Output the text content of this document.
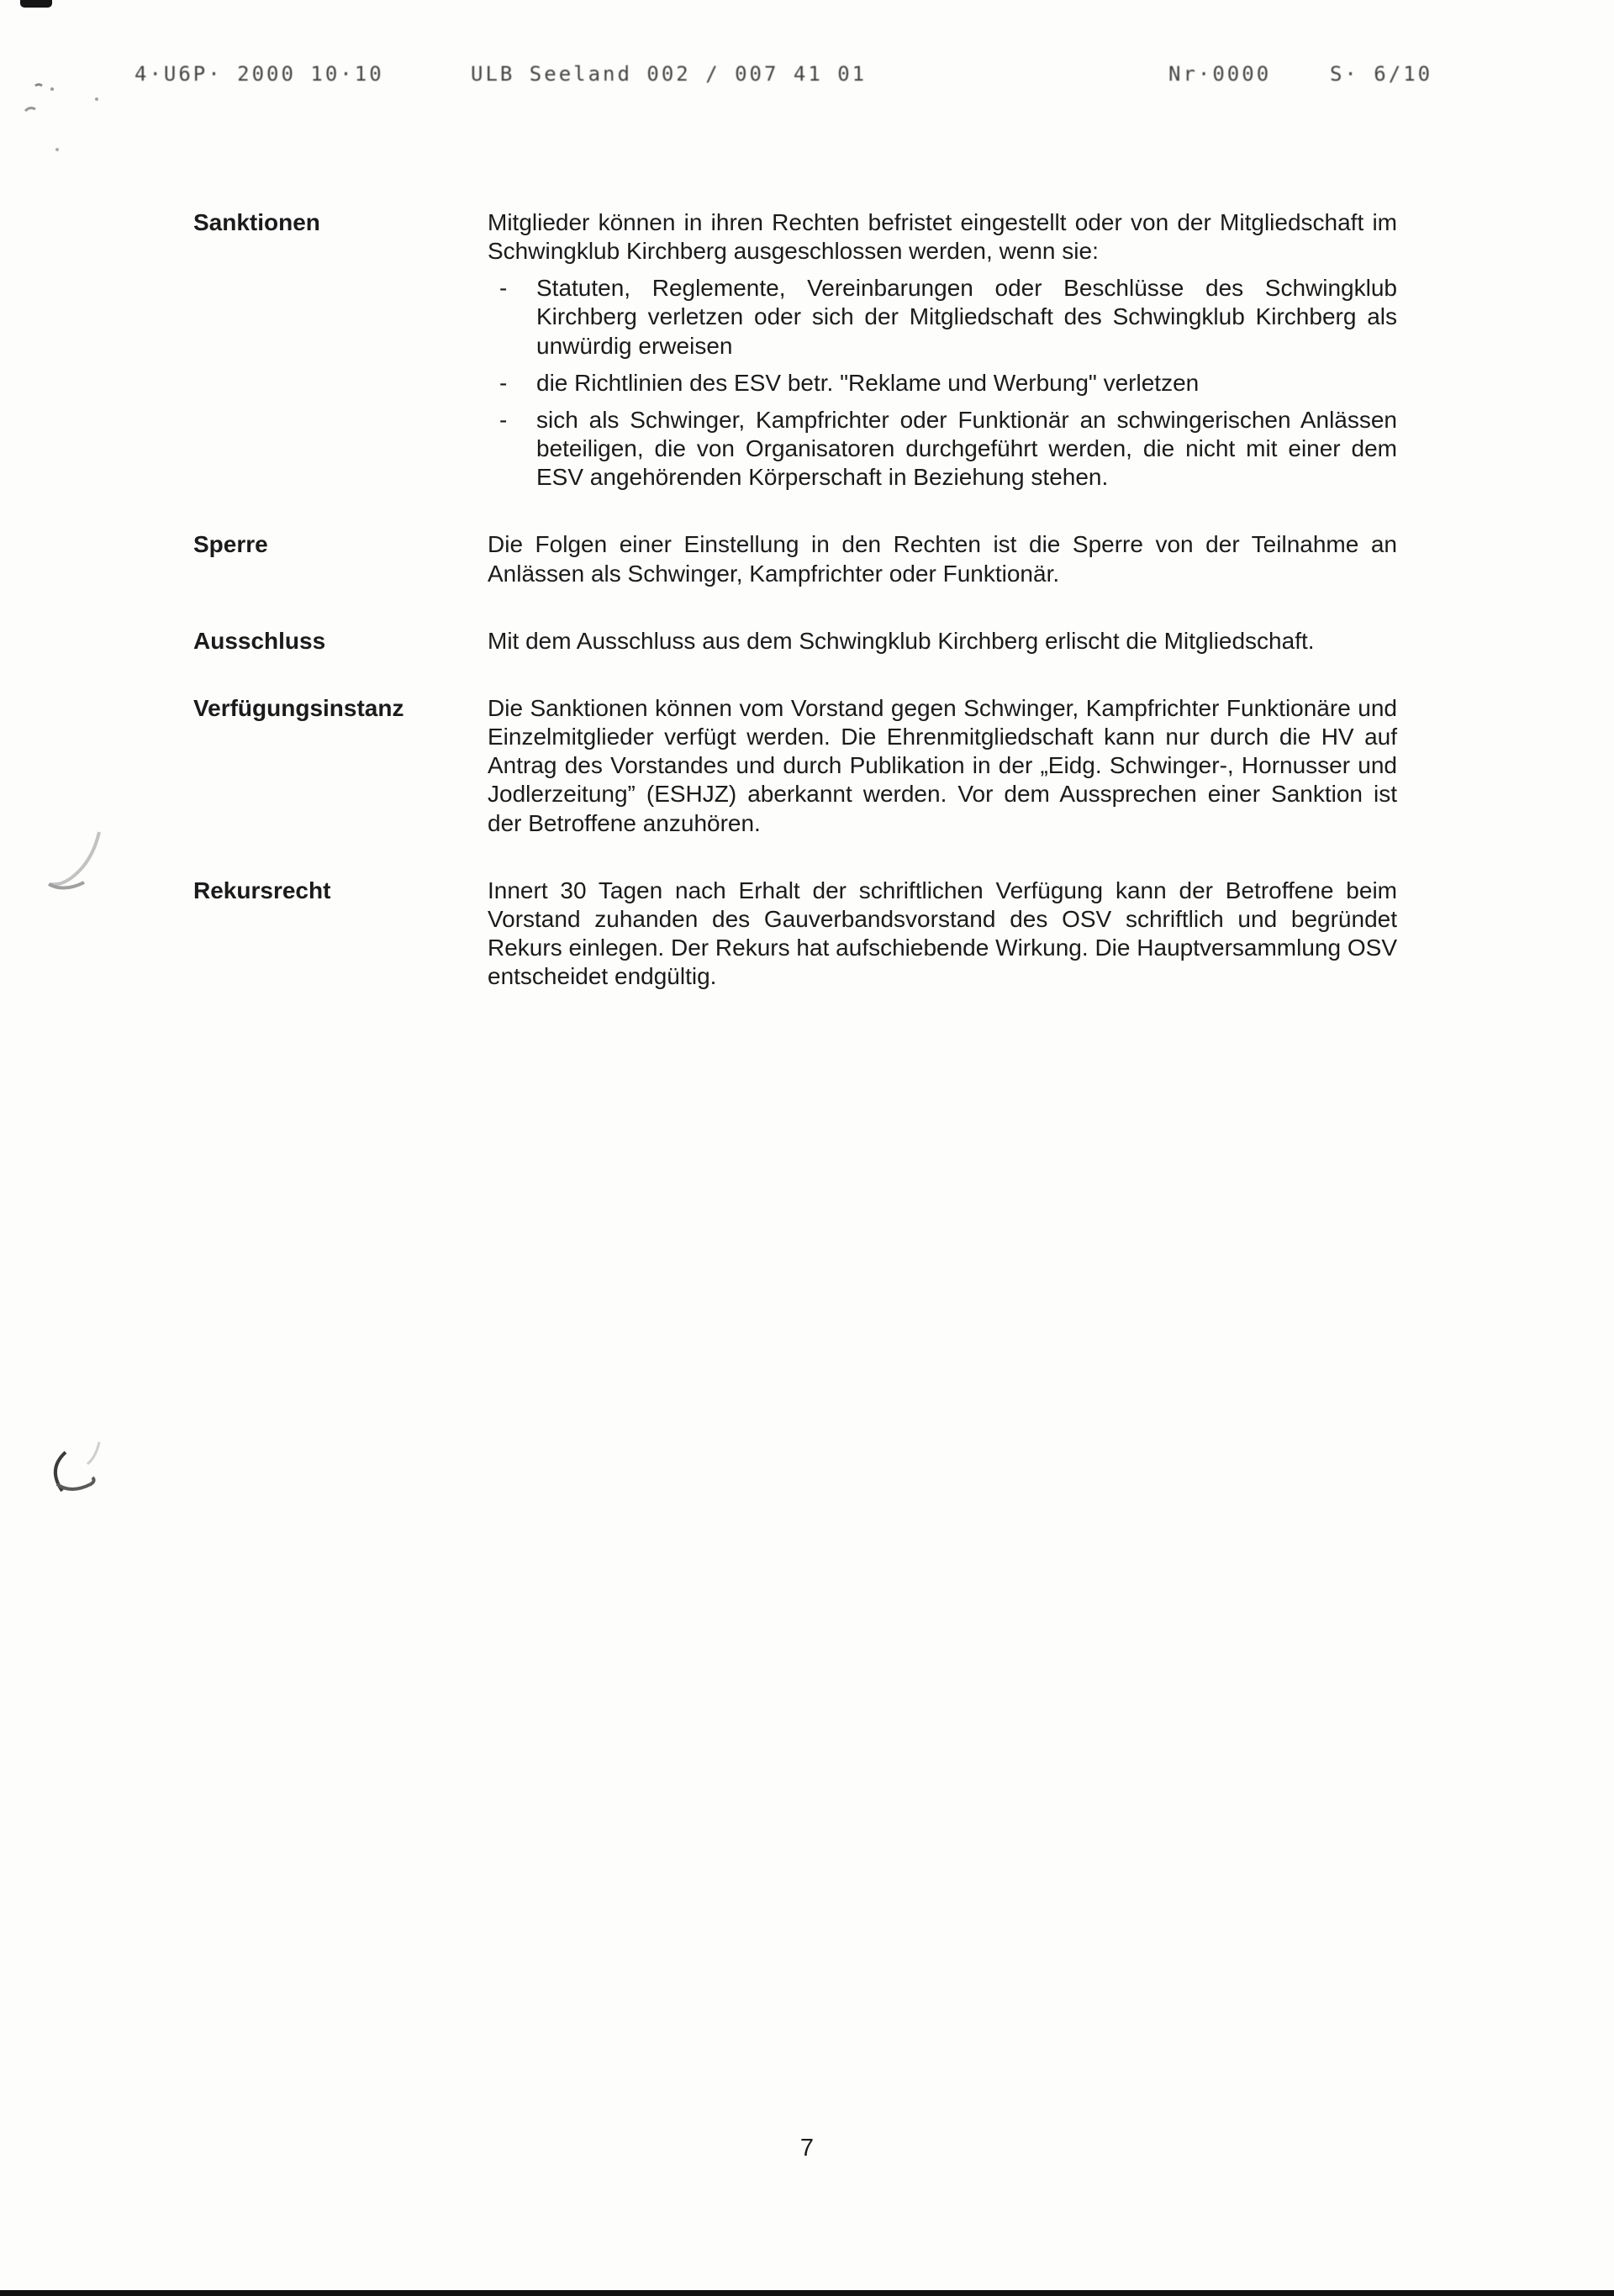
4·U6P· 2000 10·10	ULB Seeland 002 / 007 41 01	Nr·0000    S· 6/10
Sanktionen	Mitglieder können in ihren Rechten befristet eingestellt oder von der Mitgliedschaft im Schwingklub Kirchberg ausgeschlossen werden, wenn sie:

-	Statuten, Reglemente, Vereinbarungen oder Beschlüsse des Schwingklub Kirchberg verletzen oder sich der Mitgliedschaft des Schwingklub Kirchberg als unwürdig erweisen
-	die Richtlinien des ESV betr. "Reklame und Werbung" verletzen
-	sich als Schwinger, Kampfrichter oder Funktionär an schwingerischen Anlässen beteiligen, die von Organisatoren durchgeführt werden, die nicht mit einer dem ESV angehörenden Körperschaft in Beziehung stehen.
Sperre	Die Folgen einer Einstellung in den Rechten ist die Sperre von der Teilnahme an Anlässen als Schwinger, Kampfrichter oder Funktionär.

Ausschluss	Mit dem Ausschluss aus dem Schwingklub Kirchberg erlischt die Mitgliedschaft.

Verfügungsinstanz	Die Sanktionen können vom Vorstand gegen Schwinger, Kampfrichter Funktionäre und Einzelmitglieder verfügt werden. Die Ehrenmitgliedschaft kann nur durch die HV auf Antrag des Vorstandes und durch Publikation in der „Eidg. Schwinger-, Hornusser und Jodlerzeitung” (ESHJZ) aberkannt werden. Vor dem Aussprechen einer Sanktion ist der Betroffene anzuhören.

Rekursrecht	Innert 30 Tagen nach Erhalt der schriftlichen Verfügung kann der Betroffene beim Vorstand zuhanden des Gauverbandsvorstand des OSV schriftlich und begründet Rekurs einlegen. Der Rekurs hat aufschiebende Wirkung. Die Hauptversammlung OSV entscheidet endgültig.

7
